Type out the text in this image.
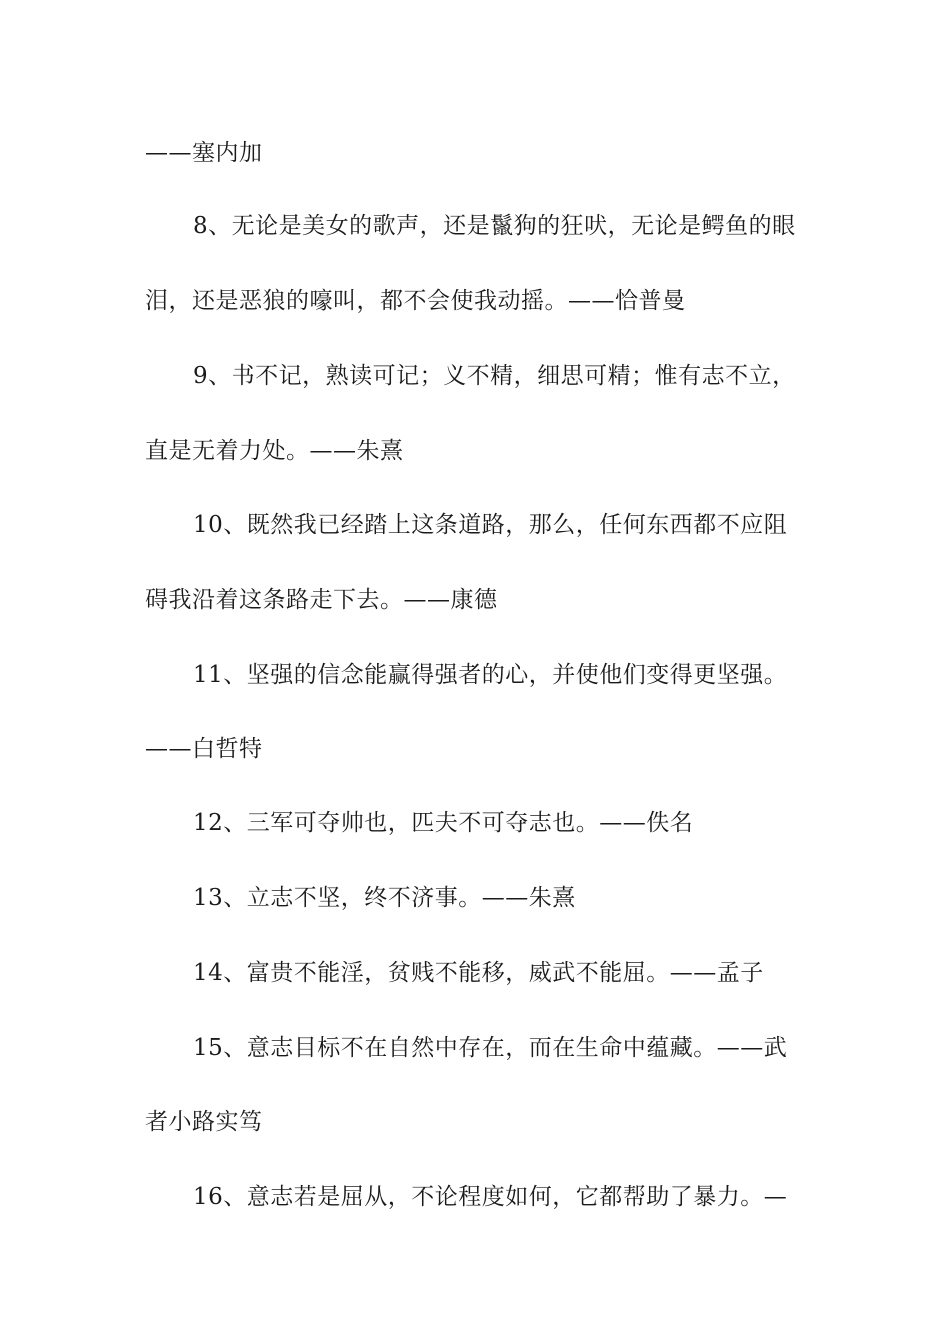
——塞内加

8、无论是美女的歌声，还是鬣狗的狂吠，无论是鳄鱼的眼

泪，还是恶狼的嚎叫，都不会使我动摇。——恰普曼

9、书不记，熟读可记；义不精，细思可精；惟有志不立，

直是无着力处。——朱熹

10、既然我已经踏上这条道路，那么，任何东西都不应阻

碍我沿着这条路走下去。——康德

11、坚强的信念能赢得强者的心，并使他们变得更坚强。

——白哲特

12、三军可夺帅也，匹夫不可夺志也。——佚名

13、立志不坚，终不济事。——朱熹

14、富贵不能淫，贫贱不能移，威武不能屈。——孟子

15、意志目标不在自然中存在，而在生命中蕴藏。——武

者小路实笃

16、意志若是屈从，不论程度如何，它都帮助了暴力。—
